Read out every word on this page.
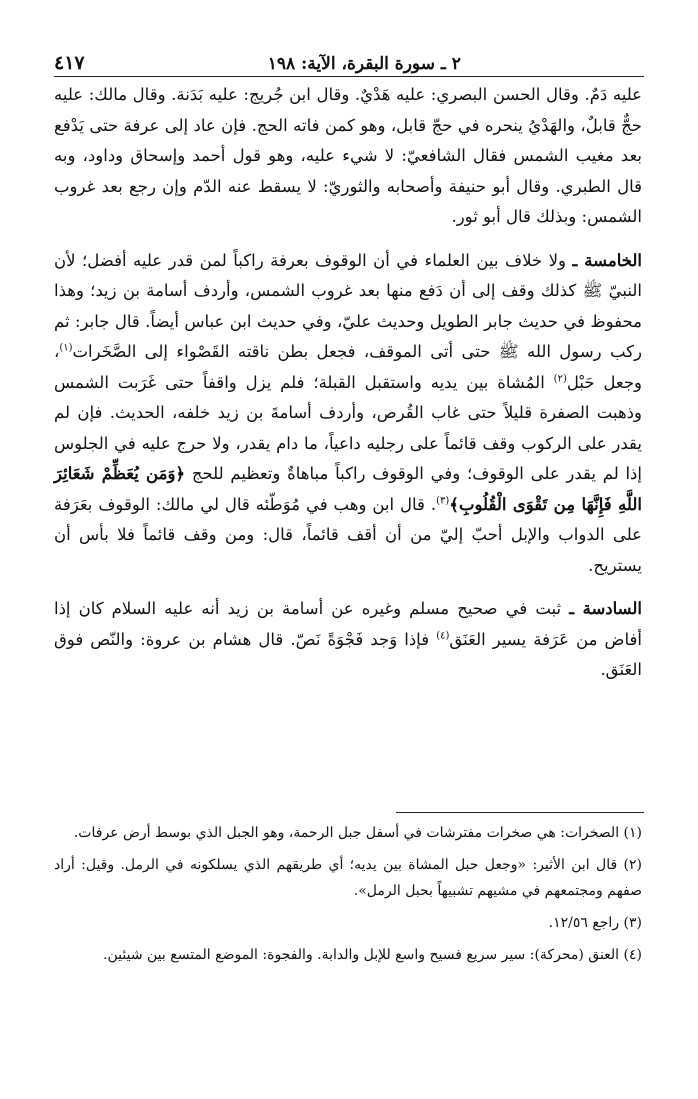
٢ ـ سورة البقرة، الآية: ١٩٨
٤١٧

عليه دَمٌ. وقال الحسن البصري: عليه هَدْيٌ. وقال ابن جُريج: عليه بَدَنة. وقال مالك: عليه حجٌّ قابلٌ، والهَدْيُ ينحره في حجّ قابل، وهو كمن فاته الحج. فإن عاد إلى عرفة حتى يَدْفع بعد مغيب الشمس فقال الشافعيّ: لا شيء عليه، وهو قول أحمد وإسحاق وداود، وبه قال الطبري. وقال أبو حنيفة وأصحابه والثوريّ: لا يسقط عنه الدّم وإن رجع بعد غروب الشمس: وبذلك قال أبو ثور.

الخامسة ـ ولا خلاف بين العلماء في أن الوقوف بعرفة راكباً لمن قدر عليه أفضل؛ لأن النبيّ ﷺ كذلك وقف إلى أن دَفع منها بعد غروب الشمس، وأردف أسامة بن زيد؛ وهذا محفوظ في حديث جابر الطويل وحديث عليّ، وفي حديث ابن عباس أيضاً. قال جابر: ثم ركب رسول الله ﷺ حتى أتى الموقف، فجعل بطن ناقته القَصْواء إلى الصَّخَرات$^{(١)}$، وجعل حَبْل$^{(٢)}$ المُشاة بين يديه واستقبل القبلة؛ فلم يزل واقفاً حتى غَرَبت الشمس وذهبت الصفرة قليلاً حتى غاب القُرص، وأردف أسامةَ بن زيد خلفه، الحديث. فإن لم يقدر على الركوب وقف قائماً على رجليه داعياً، ما دام يقدر، ولا حرج عليه في الجلوس إذا لم يقدر على الوقوف؛ وفي الوقوف راكباً مباهاةٌ وتعظيم للحج ﴿وَمَن يُعَظِّمْ شَعَائِرَ اللَّهِ فَإِنَّهَا مِن تَقْوَى الْقُلُوبِ﴾$^{(٣)}$. قال ابن وهب في مُوَطّئه قال لي مالك: الوقوف بعَرَفة على الدواب والإبل أحبّ إليّ من أن أقف قائماً، قال: ومن وقف قائماً فلا بأس أن يستريح.

السادسة ـ ثبت في صحيح مسلم وغيره عن أسامة بن زيد أنه عليه السلام كان إذا أفاض من عَرَفة يسير العَنَق$^{(٤)}$ فإذا وَجد فَجْوَةً نَصّ. قال هشام بن عروة: والنّص فوق العَنَق.

(١) الصخرات: هي صخرات مفترشات في أسفل جبل الرحمة، وهو الجبل الذي بوسط أرض عرفات.

(٢) قال ابن الأثير: «وجعل حبل المشاة بين يديه؛ أي طريقهم الذي يسلكونه في الرمل. وقيل: أراد صفهم ومجتمعهم في مشيهم تشبيهاً بحبل الرمل».

(٣) راجع ١٢/٥٦.

(٤) العنق (محركة): سير سريع فسيح واسع للإبل والدابة. والفجوة: الموضع المتسع بين شيئين.
